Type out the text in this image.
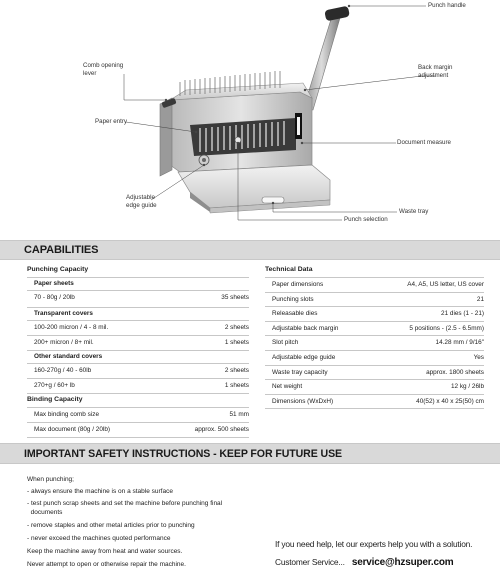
Punch handle
Comb opening
lever
Back margin
adjustment
Paper entry
Document measure
Adjustable
edge guide
Waste tray
Punch selection
CAPABILITIES
Punching Capacity
Paper sheets
70 - 80g / 20lb	35 sheets
Transparent covers
100-200 micron / 4 - 8 mil.	2 sheets
200+ micron / 8+ mil.	1 sheets
Other standard covers
160-270g / 40 - 60lb	2 sheets
270+g / 60+ lb	1 sheets
Binding Capacity
Max binding comb size	51 mm
Max document (80g / 20lb)	approx. 500 sheets
Technical Data
Paper dimensions	A4, A5, US letter, US cover
Punching slots	21
Releasable dies	21 dies (1 - 21)
Adjustable back margin	5 positions - (2.5 - 6.5mm)
Slot pitch	14.28 mm / 9/16"
Adjustable edge guide	Yes
Waste tray capacity	approx. 1800 sheets
Net weight	12 kg / 26lb
Dimensions (WxDxH)	40(52) x 40 x 25(50) cm
IMPORTANT SAFETY INSTRUCTIONS - KEEP FOR FUTURE USE
When punching;
- always ensure the machine is on a stable surface
- test punch scrap sheets and set the machine before punching final
documents
- remove staples and other metal articles prior to punching
- never exceed the machines quoted performance
Keep the machine away from heat and water sources.
Never attempt to open or otherwise repair the machine.
If you need help, let our experts help you with a solution.
Customer Service... service@hzsuper.com
